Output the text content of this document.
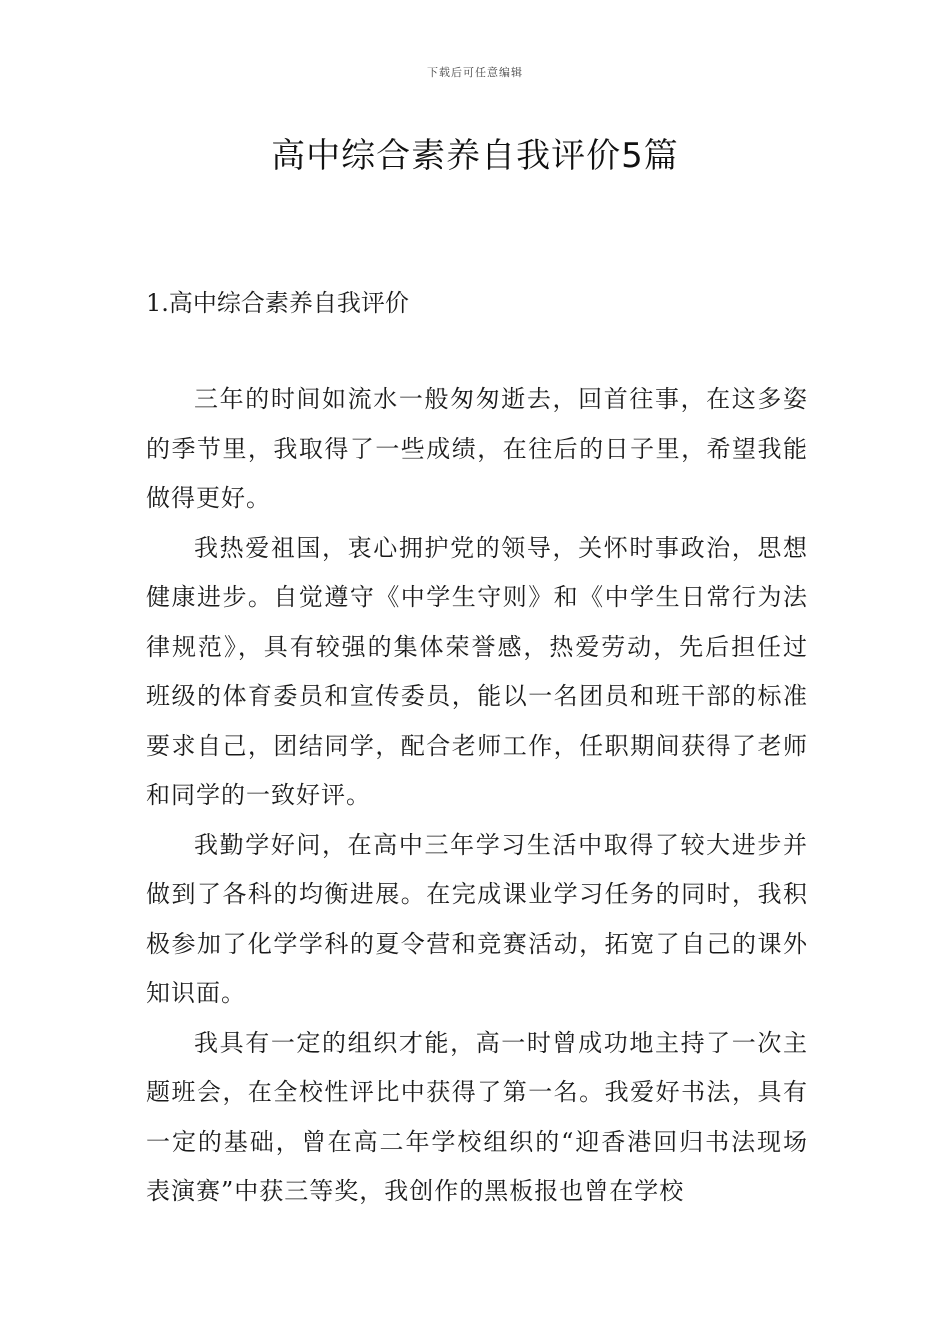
下载后可任意编辑
高中综合素养自我评价5篇
1.高中综合素养自我评价

三年的时间如流水一般匆匆逝去，回首往事，在这多姿的季节里，我取得了一些成绩，在往后的日子里，希望我能做得更好。

我热爱祖国，衷心拥护党的领导，关怀时事政治，思想健康进步。自觉遵守《中学生守则》和《中学生日常行为法律规范》，具有较强的集体荣誉感，热爱劳动，先后担任过班级的体育委员和宣传委员，能以一名团员和班干部的标准要求自己，团结同学，配合老师工作，任职期间获得了老师和同学的一致好评。

我勤学好问，在高中三年学习生活中取得了较大进步并做到了各科的均衡进展。在完成课业学习任务的同时，我积极参加了化学学科的夏令营和竞赛活动，拓宽了自己的课外知识面。

我具有一定的组织才能，高一时曾成功地主持了一次主题班会，在全校性评比中获得了第一名。我爱好书法，具有一定的基础，曾在高二年学校组织的“迎香港回归书法现场表演赛”中获三等奖，我创作的黑板报也曾在学校
